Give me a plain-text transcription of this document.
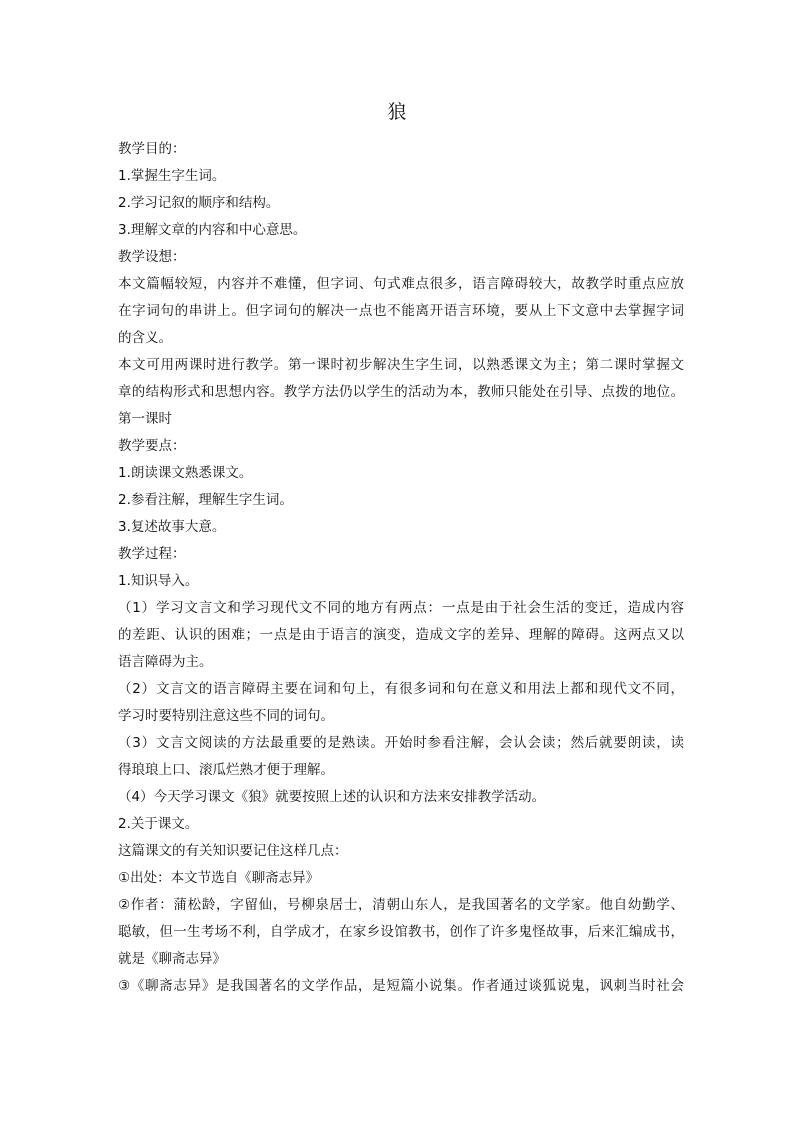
狼
教学目的：
1.掌握生字生词。
2.学习记叙的顺序和结构。
3.理解文章的内容和中心意思。
教学设想：
本文篇幅较短，内容并不难懂，但字词、句式难点很多，语言障碍较大，故教学时重点应放
在字词句的串讲上。但字词句的解决一点也不能离开语言环境，要从上下文意中去掌握字词
的含义。
本文可用两课时进行教学。第一课时初步解决生字生词，以熟悉课文为主；第二课时掌握文
章的结构形式和思想内容。教学方法仍以学生的活动为本，教师只能处在引导、点拨的地位。
第一课时
教学要点：
1.朗读课文熟悉课文。
2.参看注解，理解生字生词。
3.复述故事大意。
教学过程：
1.知识导入。
（1）学习文言文和学习现代文不同的地方有两点：一点是由于社会生活的变迁，造成内容
的差距、认识的困难；一点是由于语言的演变，造成文字的差异、理解的障碍。这两点又以
语言障碍为主。
（2）文言文的语言障碍主要在词和句上，有很多词和句在意义和用法上都和现代文不同，
学习时要特别注意这些不同的词句。
（3）文言文阅读的方法最重要的是熟读。开始时参看注解，会认会读；然后就要朗读，读
得琅琅上口、滚瓜烂熟才便于理解。
（4）今天学习课文《狼》就要按照上述的认识和方法来安排教学活动。
2.关于课文。
这篇课文的有关知识要记住这样几点：
①出处：本文节选自《聊斋志异》
②作者：蒲松龄，字留仙，号柳泉居士，清朝山东人，是我国著名的文学家。他自幼勤学、
聪敏，但一生考场不利，自学成才，在家乡设馆教书，创作了许多鬼怪故事，后来汇编成书，
就是《聊斋志异》
③《聊斋志异》是我国著名的文学作品，是短篇小说集。作者通过谈狐说鬼，讽刺当时社会
